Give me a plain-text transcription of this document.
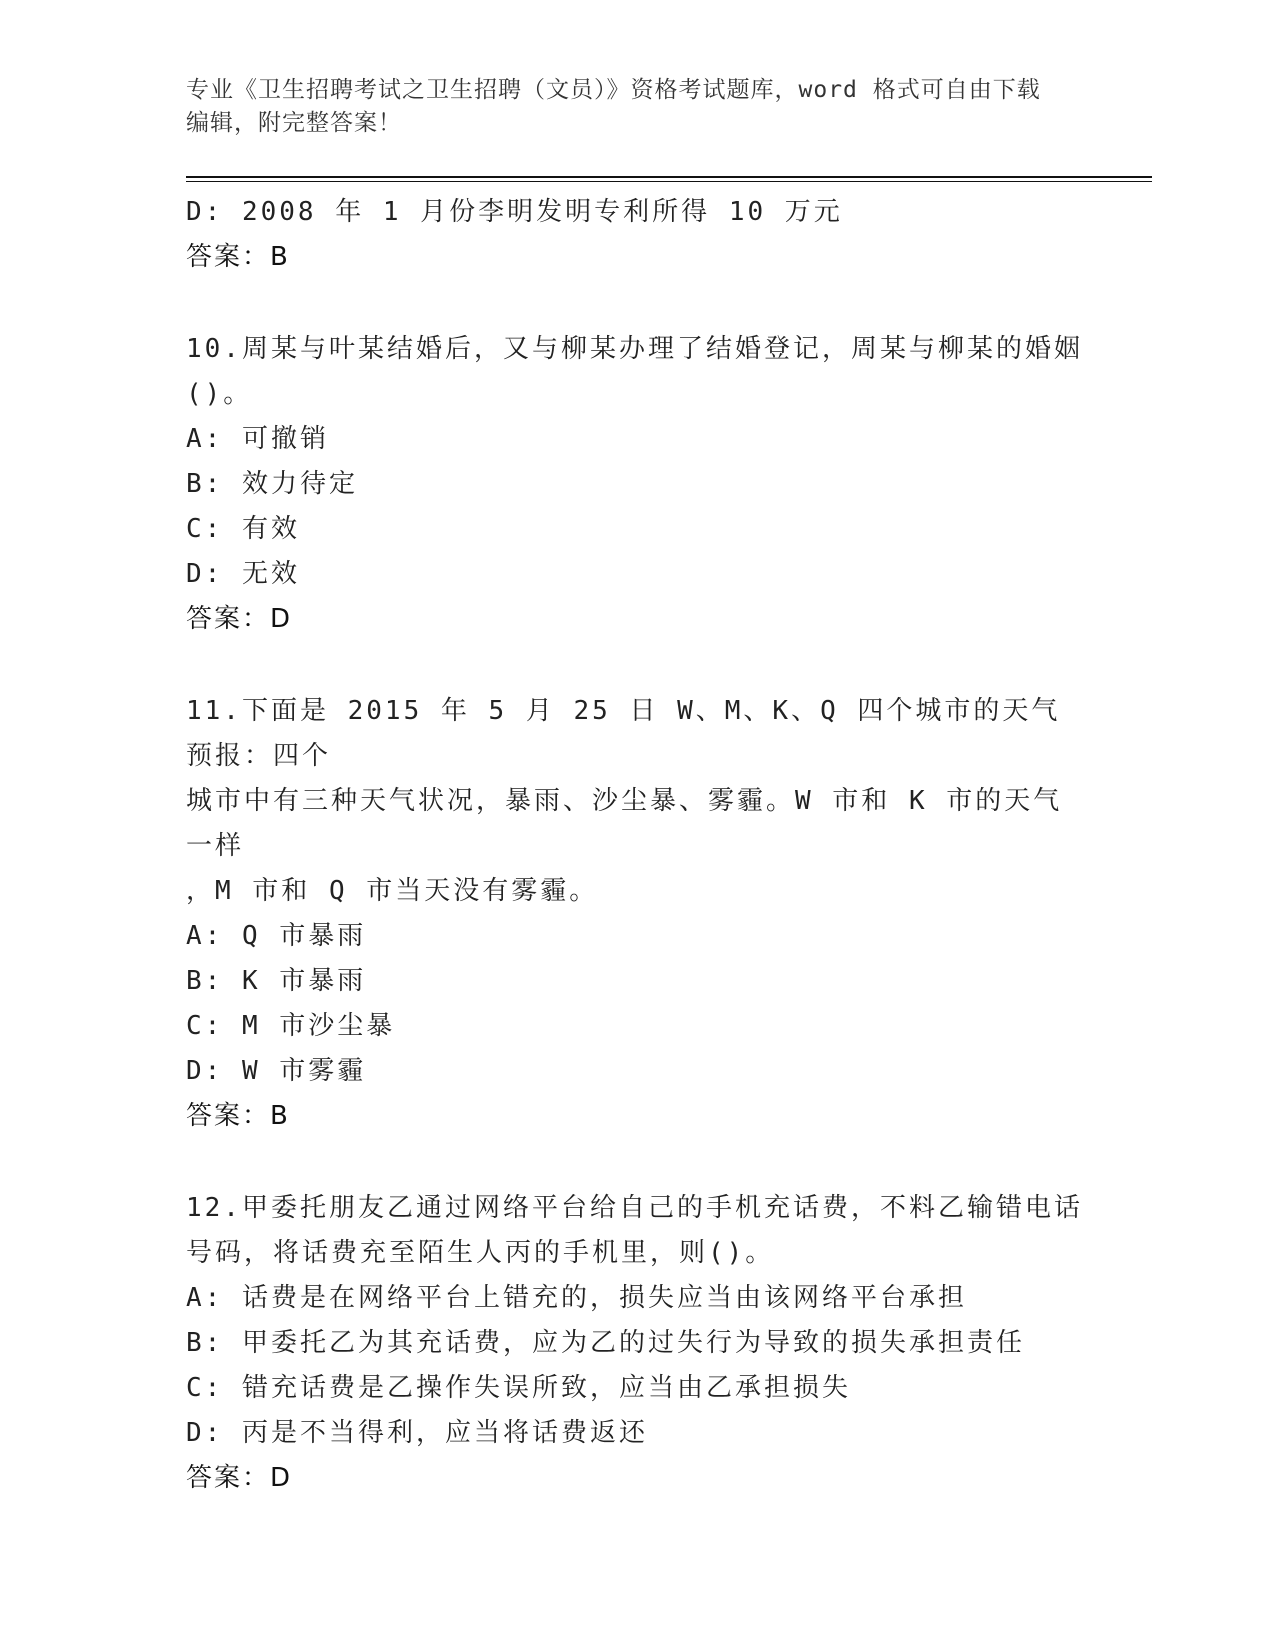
专业《卫生招聘考试之卫生招聘（文员）》资格考试题库，word 格式可自由下载
编辑，附完整答案！
D: 2008 年 1 月份李明发明专利所得 10 万元
答案：B
10.周某与叶某结婚后，又与柳某办理了结婚登记，周某与柳某的婚姻
()。
A: 可撤销
B: 效力待定
C: 有效
D: 无效
答案：D
11.下面是 2015 年 5 月 25 日 W、M、K、Q 四个城市的天气预报：四个
城市中有三种天气状况，暴雨、沙尘暴、雾霾。W 市和 K 市的天气一样
，M 市和 Q 市当天没有雾霾。
A: Q 市暴雨
B: K 市暴雨
C: M 市沙尘暴
D: W 市雾霾
答案：B
12.甲委托朋友乙通过网络平台给自己的手机充话费，不料乙输错电话
号码，将话费充至陌生人丙的手机里，则()。
A: 话费是在网络平台上错充的，损失应当由该网络平台承担
B: 甲委托乙为其充话费，应为乙的过失行为导致的损失承担责任
C: 错充话费是乙操作失误所致，应当由乙承担损失
D: 丙是不当得利，应当将话费返还
答案：D
